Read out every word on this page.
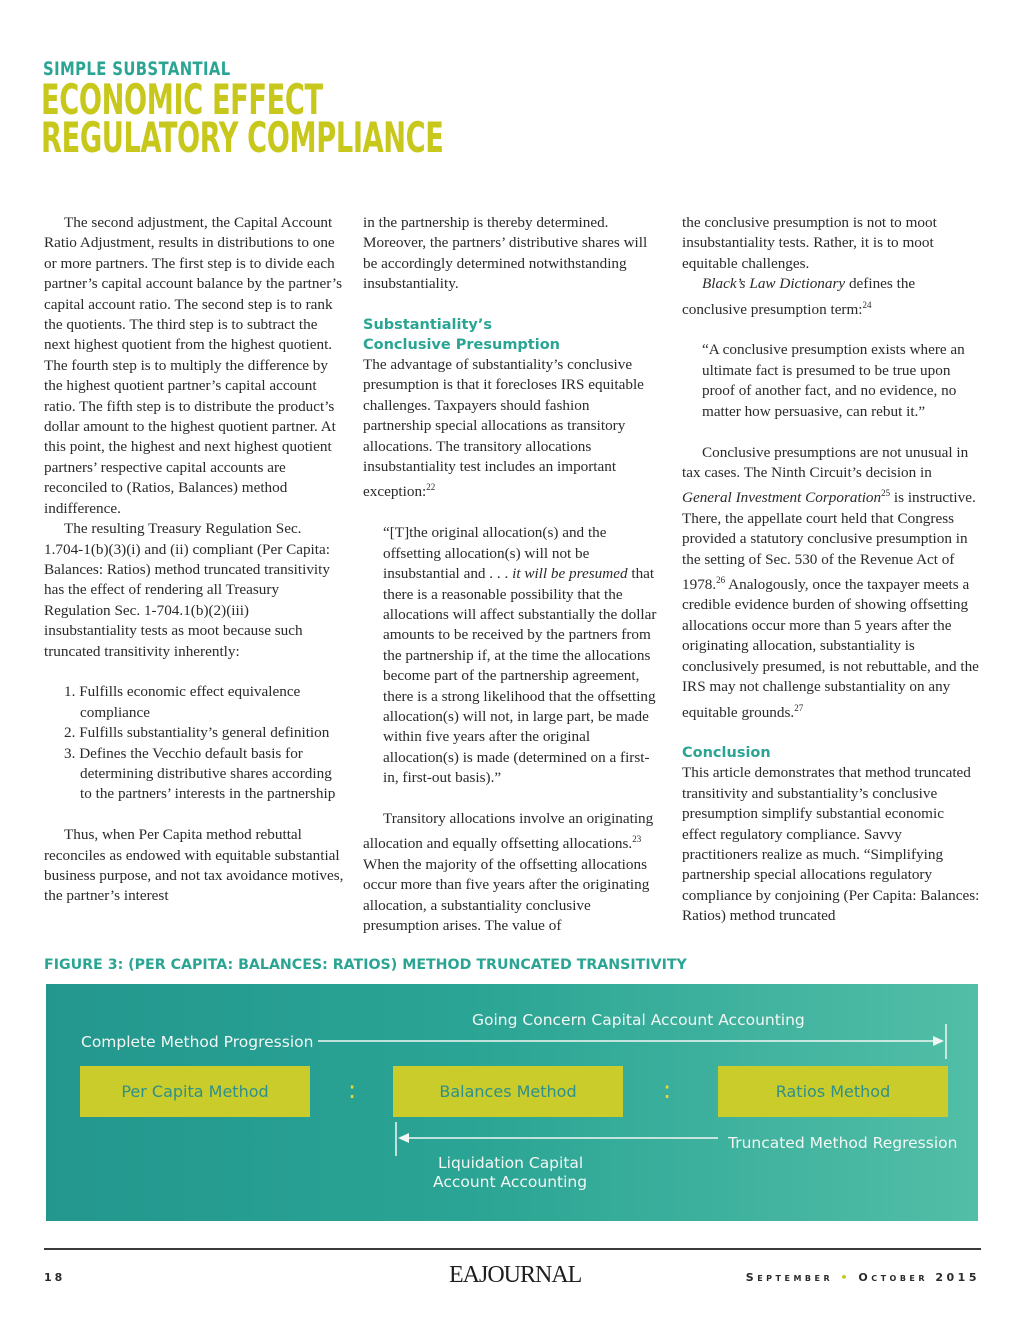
SIMPLE SUBSTANTIAL
ECONOMIC EFFECT
REGULATORY COMPLIANCE

The second adjustment, the Capital Account Ratio Adjustment, results in distributions to one or more partners. The first step is to divide each partner’s capital account balance by the partner’s capital account ratio. The second step is to rank the quotients. The third step is to subtract the next highest quotient from the highest quotient. The fourth step is to multiply the difference by the highest quotient partner’s capital account ratio. The fifth step is to distribute the product’s dollar amount to the highest quotient partner. At this point, the highest and next highest quotient partners’ respective capital accounts are reconciled to (Ratios, Balances) method indifference.

The resulting Treasury Regulation Sec. 1.704-1(b)(3)(i) and (ii) compliant (Per Capita: Balances: Ratios) method truncated transitivity has the effect of rendering all Treasury Regulation Sec. 1-704.1(b)(2)(iii) insubstantiality tests as moot because such truncated transitivity inherently:

1. Fulfills economic effect equivalence compliance
2. Fulfills substantiality’s general definition
3. Defines the Vecchio default basis for determining distributive shares according to the partners’ interests in the partnership

Thus, when Per Capita method rebuttal reconciles as endowed with equitable substantial business purpose, and not tax avoidance motives, the partner’s interest

in the partnership is thereby determined. Moreover, the partners’ distributive shares will be accordingly determined notwithstanding insubstantiality.

Substantiality’s
Conclusive Presumption

The advantage of substantiality’s conclusive presumption is that it forecloses IRS equitable challenges. Taxpayers should fashion partnership special allocations as transitory allocations. The transitory allocations insubstantiality test includes an important exception:$^{22}$

“[T]the original allocation(s) and the offsetting allocation(s) will not be insubstantial and . . . it will be presumed that there is a reasonable possibility that the allocations will affect substantially the dollar amounts to be received by the partners from the partnership if, at the time the allocations become part of the partnership agreement, there is a strong likelihood that the offsetting allocation(s) will not, in large part, be made within five years after the original allocation(s) is made (determined on a first-in, first-out basis).”

Transitory allocations involve an originating allocation and equally offsetting allocations.$^{23}$ When the majority of the offsetting allocations occur more than five years after the originating allocation, a substantiality conclusive presumption arises. The value of

the conclusive presumption is not to moot insubstantiality tests. Rather, it is to moot equitable challenges.

Black’s Law Dictionary defines the conclusive presumption term:$^{24}$

“A conclusive presumption exists where an ultimate fact is presumed to be true upon proof of another fact, and no evidence, no matter how persuasive, can rebut it.”

Conclusive presumptions are not unusual in tax cases. The Ninth Circuit’s decision in General Investment Corporation$^{25}$ is instructive. There, the appellate court held that Congress provided a statutory conclusive presumption in the setting of Sec. 530 of the Revenue Act of 1978.26 Analogously, once the taxpayer meets a credible evidence burden of showing offsetting allocations occur more than 5 years after the originating allocation, substantiality is conclusively presumed, is not rebuttable, and the IRS may not challenge substantiality on any equitable grounds.$^{27}$

Conclusion

This article demonstrates that method truncated transitivity and substantiality’s conclusive presumption simplify substantial economic effect regulatory compliance. Savvy practitioners realize as much. “Simplifying partnership special allocations regulatory compliance by conjoining (Per Capita: Balances: Ratios) method truncated

FIGURE 3: (PER CAPITA: BALANCES: RATIOS) METHOD TRUNCATED TRANSITIVITY
Going Concern Capital Account Accounting
Complete Method Progression
Per Capita Method	:	Balances Method	:	Ratios Method
Truncated Method Regression
Liquidation Capital
Account Accounting
18	EAJOURNAL	September • October 2015
